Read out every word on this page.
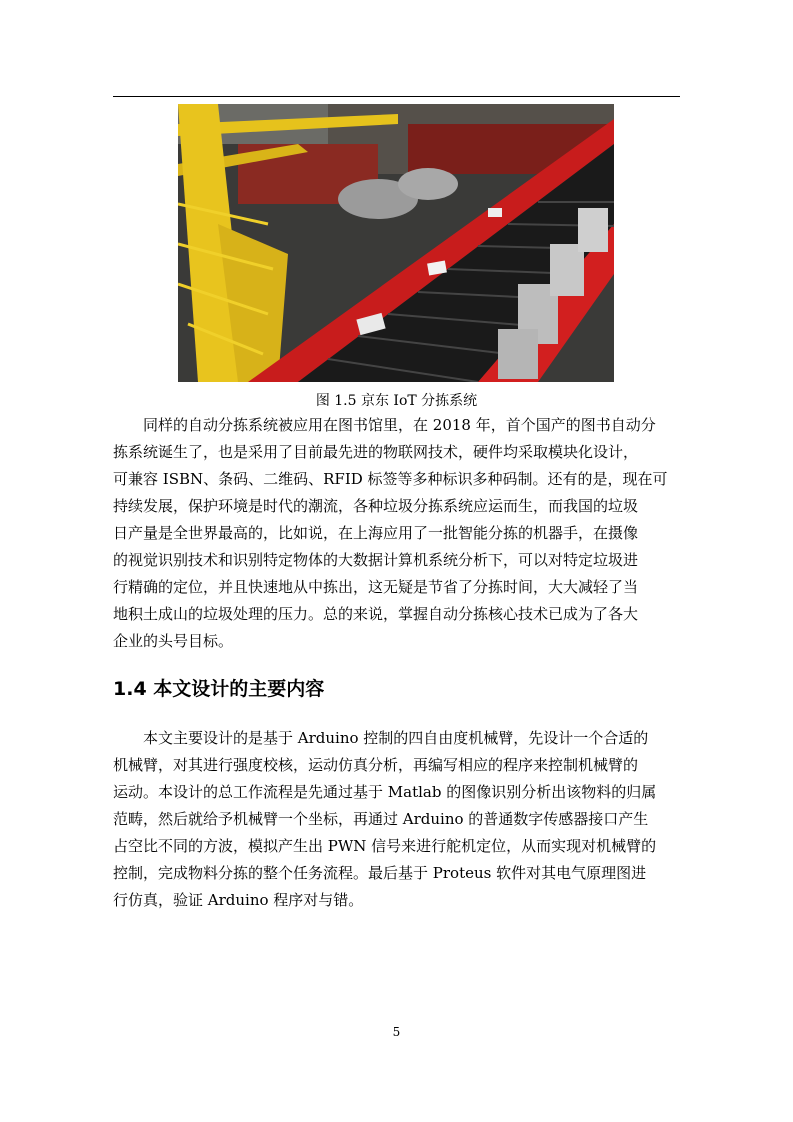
图 1.5 京东 IoT 分拣系统
　　同样的自动分拣系统被应用在图书馆里，在 2018 年，首个国产的图书自动分
拣系统诞生了，也是采用了目前最先进的物联网技术，硬件均采取模块化设计，
可兼容 ISBN、条码、二维码、RFID 标签等多种标识多种码制。还有的是，现在可
持续发展，保护环境是时代的潮流，各种垃圾分拣系统应运而生，而我国的垃圾
日产量是全世界最高的，比如说，在上海应用了一批智能分拣的机器手，在摄像
的视觉识别技术和识别特定物体的大数据计算机系统分析下，可以对特定垃圾进
行精确的定位，并且快速地从中拣出，这无疑是节省了分拣时间，大大减轻了当
地积土成山的垃圾处理的压力。总的来说，掌握自动分拣核心技术已成为了各大
企业的头号目标。
1.4 本文设计的主要内容
　　本文主要设计的是基于 Arduino 控制的四自由度机械臂，先设计一个合适的
机械臂，对其进行强度校核，运动仿真分析，再编写相应的程序来控制机械臂的
运动。本设计的总工作流程是先通过基于 Matlab 的图像识别分析出该物料的归属
范畴，然后就给予机械臂一个坐标，再通过 Arduino 的普通数字传感器接口产生
占空比不同的方波，模拟产生出 PWN 信号来进行舵机定位，从而实现对机械臂的
控制，完成物料分拣的整个任务流程。最后基于 Proteus 软件对其电气原理图进
行仿真，验证 Arduino 程序对与错。
5
